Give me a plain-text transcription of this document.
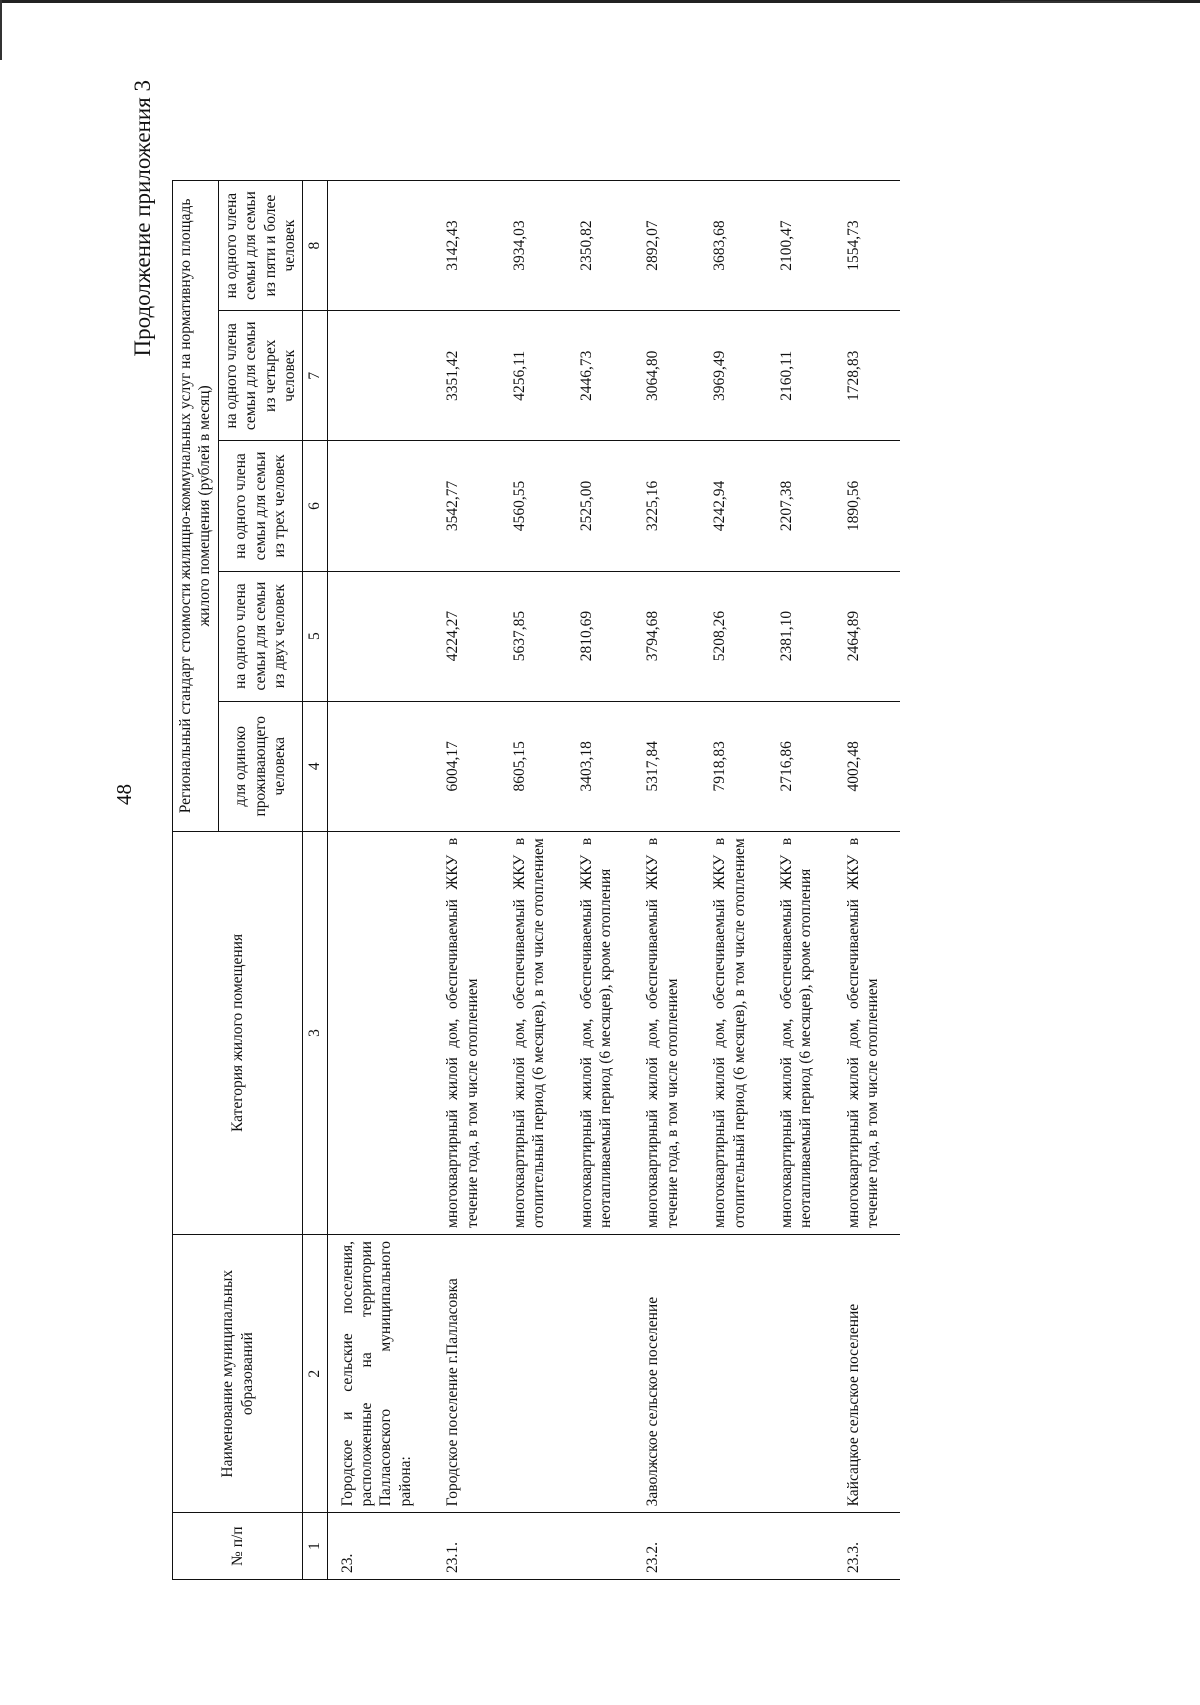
48
Продолжение приложения 3
№ п/п	Наименование муниципальных образований	Категория жилого помещения	Региональный стандарт стоимости жилищно-коммунальных услуг на нормативную площадь жилого помещения (рублей в месяц)				
			для одиноко проживающего человека	на одного члена семьи для семьи из двух человек	на одного члена семьи для семьи из трех человек	на одного члена семьи для семьи из четырех человек	на одного члена семьи для семьи из пяти и более человек
1	2	3	4	5	6	7	8
23.	Городское и сельские поселения, расположенные на территории Палласовского муниципального района:						
23.1.	Городское поселение г.Палласовка	многоквартирный жилой дом, обеспечиваемый ЖКУ в течение года, в том числе отоплением	6004,17	4224,27	3542,77	3351,42	3142,43
		многоквартирный жилой дом, обеспечиваемый ЖКУ в отопительный период (6 месяцев), в том числе отоплением	8605,15	5637,85	4560,55	4256,11	3934,03
		многоквартирный жилой дом, обеспечиваемый ЖКУ в неотапливаемый период (6 месяцев), кроме отопления	3403,18	2810,69	2525,00	2446,73	2350,82
23.2.	Заволжское сельское поселение	многоквартирный жилой дом, обеспечиваемый ЖКУ в течение года, в том числе отоплением	5317,84	3794,68	3225,16	3064,80	2892,07
		многоквартирный жилой дом, обеспечиваемый ЖКУ в отопительный период (6 месяцев), в том числе отоплением	7918,83	5208,26	4242,94	3969,49	3683,68
		многоквартирный жилой дом, обеспечиваемый ЖКУ в неотапливаемый период (6 месяцев), кроме отопления	2716,86	2381,10	2207,38	2160,11	2100,47
23.3.	Кайсацкое сельское поселение	многоквартирный жилой дом, обеспечиваемый ЖКУ в течение года, в том числе отоплением	4002,48	2464,89	1890,56	1728,83	1554,73
